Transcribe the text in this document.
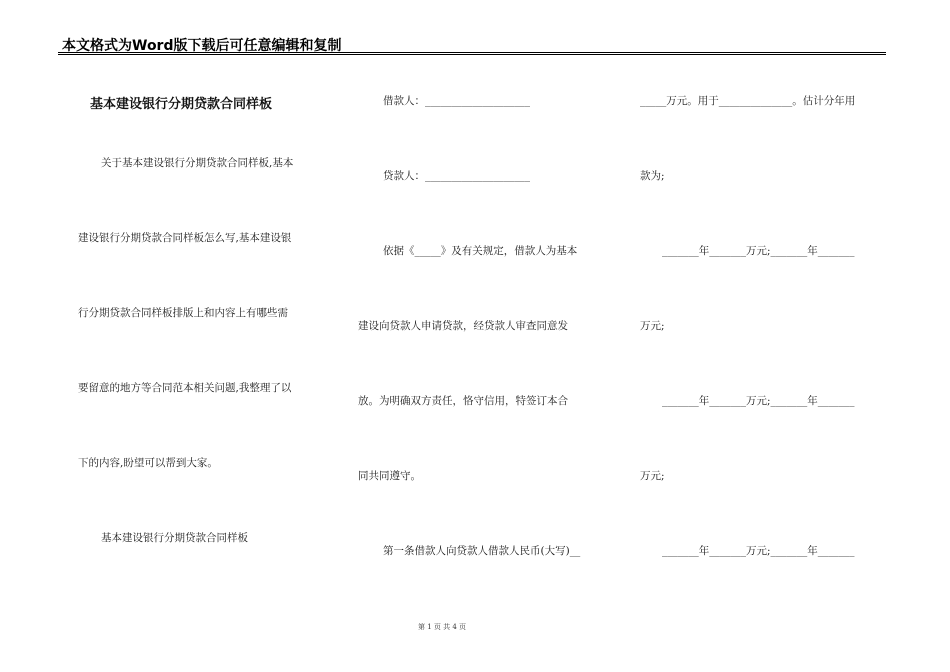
本文格式为Word版下载后可任意编辑和复制
基本建设银行分期贷款合同样板
关于基本建设银行分期贷款合同样板,基本
建设银行分期贷款合同样板怎么写,基本建设银
行分期贷款合同样板排版上和内容上有哪些需
要留意的地方等合同范本相关问题,我整理了以
下的内容,盼望可以帮到大家。
基本建设银行分期贷款合同样板
借款人：____________________
贷款人：____________________
依据《_____》及有关规定，借款人为基本
建设向贷款人申请贷款，经贷款人审查同意发
放。为明确双方责任，恪守信用，特签订本合
同共同遵守。
第一条借款人向贷款人借款人民币(大写)__
_____万元。用于______________。估计分年用
款为;
_______年_______万元;_______年_______
万元;
_______年_______万元;_______年_______
万元;
_______年_______万元;_______年_______
第 1 页 共 4 页
